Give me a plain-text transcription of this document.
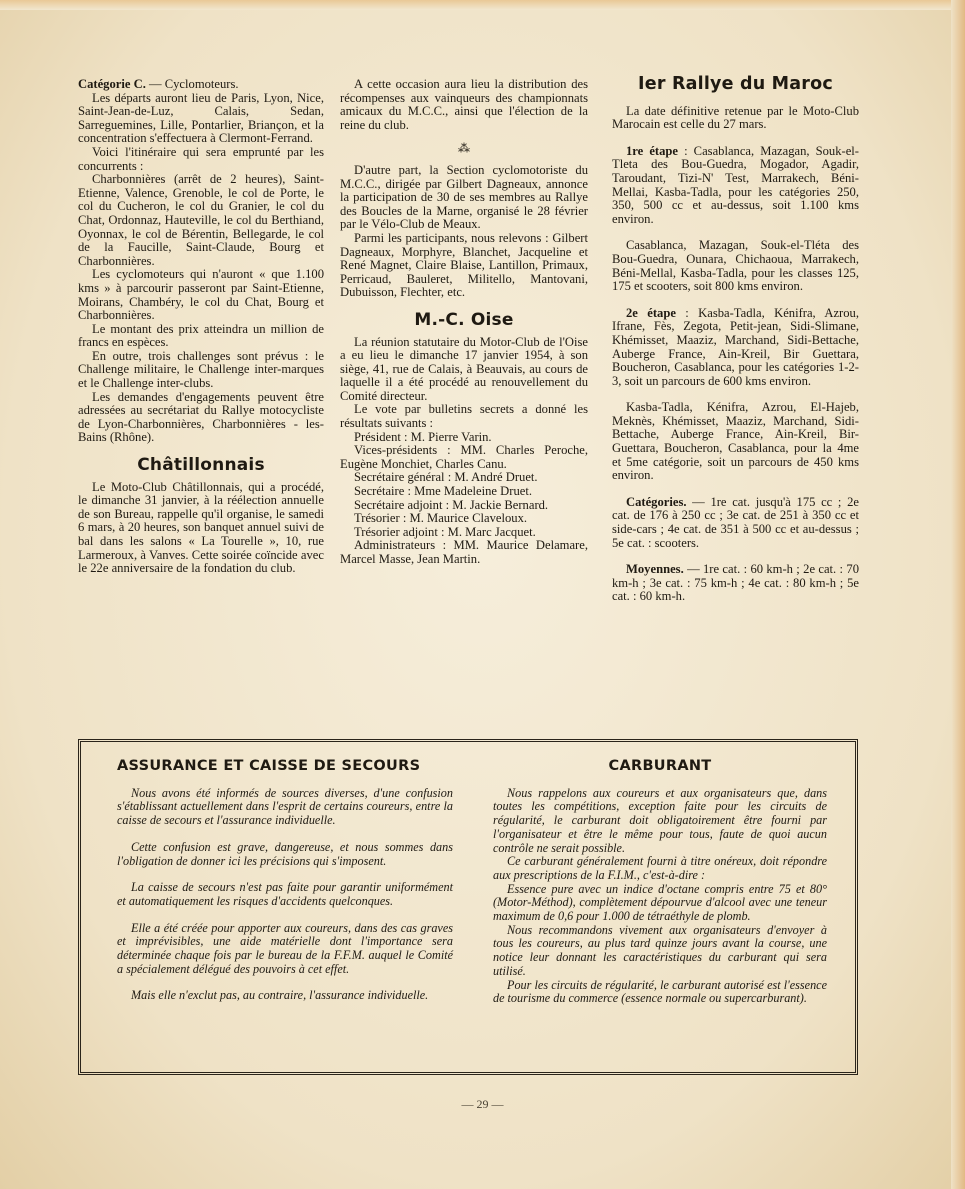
Catégorie C. — Cyclomoteurs.

Les départs auront lieu de Paris, Lyon, Nice, Saint-Jean-de-Luz, Calais, Sedan, Sarreguemines, Lille, Pontarlier, Briançon, et la concentration s'effectuera à Clermont-Ferrand.

Voici l'itinéraire qui sera emprunté par les concurrents :

Charbonnières (arrêt de 2 heures), Saint-Etienne, Valence, Grenoble, le col de Porte, le col du Cucheron, le col du Granier, le col du Chat, Ordonnaz, Hauteville, le col du Berthiand, Oyonnax, le col de Bérentin, Bellegarde, le col de la Faucille, Saint-Claude, Bourg et Charbonnières.

Les cyclomoteurs qui n'auront « que 1.100 kms » à parcourir passeront par Saint-Etienne, Moirans, Chambéry, le col du Chat, Bourg et Charbonnières.

Le montant des prix atteindra un million de francs en espèces.

En outre, trois challenges sont prévus : le Challenge militaire, le Challenge inter-marques et le Challenge inter-clubs.

Les demandes d'engagements peuvent être adressées au secrétariat du Rallye motocycliste de Lyon-Charbonnières, Charbonnières - les-Bains (Rhône).

Châtillonnais

Le Moto-Club Châtillonnais, qui a procédé, le dimanche 31 janvier, à la réélection annuelle de son Bureau, rappelle qu'il organise, le samedi 6 mars, à 20 heures, son banquet annuel suivi de bal dans les salons « La Tourelle », 10, rue Larmeroux, à Vanves. Cette soirée coïncide avec le 22e anniversaire de la fondation du club.

A cette occasion aura lieu la distribution des récompenses aux vainqueurs des championnats amicaux du M.C.C., ainsi que l'élection de la reine du club.

⁂

D'autre part, la Section cyclomotoriste du M.C.C., dirigée par Gilbert Dagneaux, annonce la participation de 30 de ses membres au Rallye des Boucles de la Marne, organisé le 28 février par le Vélo-Club de Meaux.

Parmi les participants, nous relevons : Gilbert Dagneaux, Morphyre, Blanchet, Jacqueline et René Magnet, Claire Blaise, Lantillon, Primaux, Perricaud, Bauleret, Militello, Mantovani, Dubuisson, Flechter, etc.

M.-C. Oise

La réunion statutaire du Motor-Club de l'Oise a eu lieu le dimanche 17 janvier 1954, à son siège, 41, rue de Calais, à Beauvais, au cours de laquelle il a été procédé au renouvellement du Comité directeur.

Le vote par bulletins secrets a donné les résultats suivants :

Président : M. Pierre Varin.

Vices-présidents : MM. Charles Peroche, Eugène Monchiet, Charles Canu.

Secrétaire général : M. André Druet.

Secrétaire : Mme Madeleine Druet.

Secrétaire adjoint : M. Jackie Bernard.

Trésorier : M. Maurice Claveloux.

Trésorier adjoint : M. Marc Jacquet.

Administrateurs : MM. Maurice Delamare, Marcel Masse, Jean Martin.

Ier Rallye du Maroc

La date définitive retenue par le Moto-Club Marocain est celle du 27 mars.

1re étape : Casablanca, Mazagan, Souk-el-Tleta des Bou-Guedra, Mogador, Agadir, Taroudant, Tizi-N' Test, Marrakech, Béni-Mellai, Kasba-Tadla, pour les catégories 250, 350, 500 cc et au-dessus, soit 1.100 kms environ.

Casablanca, Mazagan, Souk-el-Tléta des Bou-Guedra, Ounara, Chichaoua, Marrakech, Béni-Mellal, Kasba-Tadla, pour les classes 125, 175 et scooters, soit 800 kms environ.

2e étape : Kasba-Tadla, Kénifra, Azrou, Ifrane, Fès, Zegota, Petit-jean, Sidi-Slimane, Khémisset, Maaziz, Marchand, Sidi-Bettache, Auberge France, Ain-Kreil, Bir Guettara, Boucheron, Casablanca, pour les catégories 1-2-3, soit un parcours de 600 kms environ.

Kasba-Tadla, Kénifra, Azrou, El-Hajeb, Meknès, Khémisset, Maaziz, Marchand, Sidi-Bettache, Auberge France, Ain-Kreil, Bir-Guettara, Boucheron, Casablanca, pour la 4me et 5me catégorie, soit un parcours de 450 kms environ.

Catégories. — 1re cat. jusqu'à 175 cc ; 2e cat. de 176 à 250 cc ; 3e cat. de 251 à 350 cc et side-cars ; 4e cat. de 351 à 500 cc et au-dessus ; 5e cat. : scooters.

Moyennes. — 1re cat. : 60 km-h ; 2e cat. : 70 km-h ; 3e cat. : 75 km-h ; 4e cat. : 80 km-h ; 5e cat. : 60 km-h.

ASSURANCE ET CAISSE DE SECOURS

Nous avons été informés de sources diverses, d'une confusion s'établissant actuellement dans l'esprit de certains coureurs, entre la caisse de secours et l'assurance individuelle.

Cette confusion est grave, dangereuse, et nous sommes dans l'obligation de donner ici les précisions qui s'imposent.

La caisse de secours n'est pas faite pour garantir uniformément et automatiquement les risques d'accidents quelconques.

Elle a été créée pour apporter aux coureurs, dans des cas graves et imprévisibles, une aide matérielle dont l'importance sera déterminée chaque fois par le bureau de la F.F.M. auquel le Comité a spécialement délégué des pouvoirs à cet effet.

Mais elle n'exclut pas, au contraire, l'assurance individuelle.

CARBURANT

Nous rappelons aux coureurs et aux organisateurs que, dans toutes les compétitions, exception faite pour les circuits de régularité, le carburant doit obligatoirement être fourni par l'organisateur et être le même pour tous, faute de quoi aucun contrôle ne serait possible.

Ce carburant généralement fourni à titre onéreux, doit répondre aux prescriptions de la F.I.M., c'est-à-dire :

Essence pure avec un indice d'octane compris entre 75 et 80° (Motor-Méthod), complètement dépourvue d'alcool avec une teneur maximum de 0,6 pour 1.000 de tétraéthyle de plomb.

Nous recommandons vivement aux organisateurs d'envoyer à tous les coureurs, au plus tard quinze jours avant la course, une notice leur donnant les caractéristiques du carburant qui sera utilisé.

Pour les circuits de régularité, le carburant autorisé est l'essence de tourisme du commerce (essence normale ou supercarburant).

— 29 —
